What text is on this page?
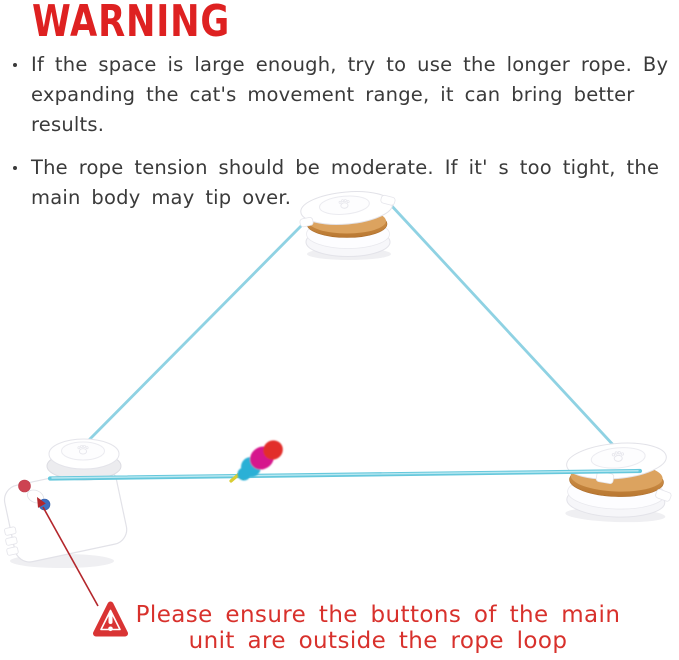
WARNING
If the space is large enough, try to use the longer rope. By expanding the cat's movement range, it can bring better results.
The rope tension should be moderate. If it' s too tight, the main body may tip over.
Please ensure the buttons of the main
unit are outside the rope loop
